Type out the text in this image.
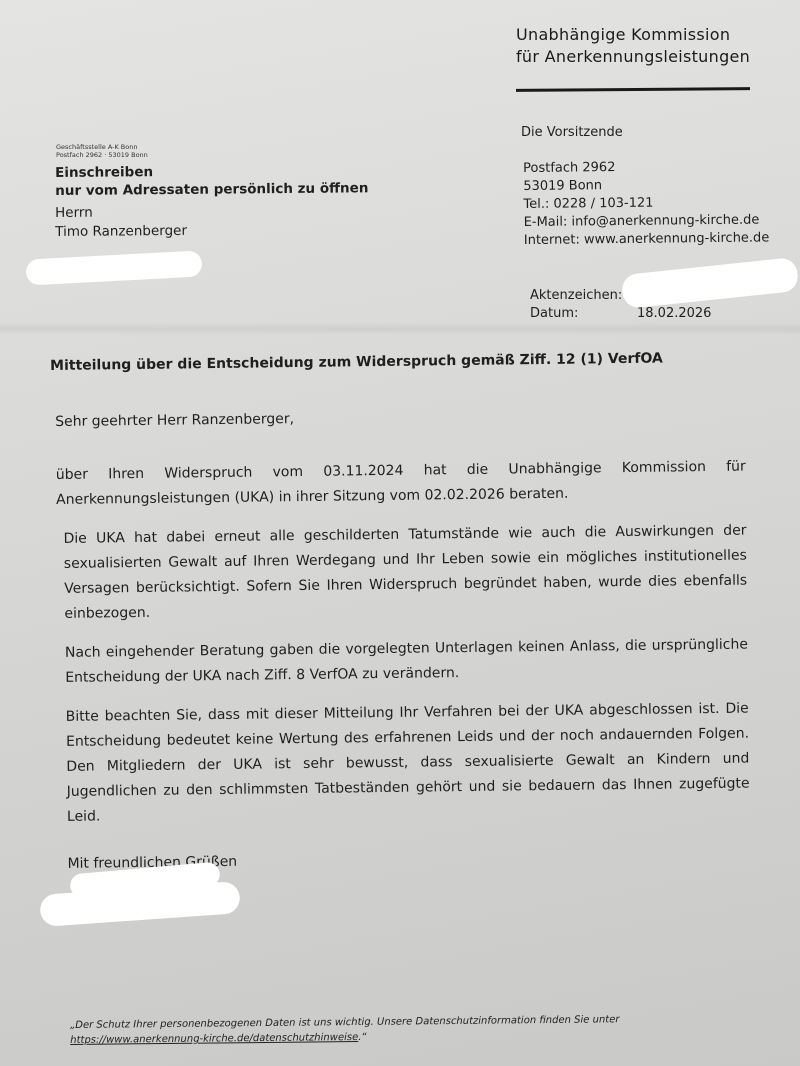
Unabhängige Kommission
für Anerkennungsleistungen
Die Vorsitzende
Postfach 2962
53019 Bonn
Tel.: 0228 / 103-121
E-Mail: info@anerkennung-kirche.de
Internet: www.anerkennung-kirche.de
Aktenzeichen:
Datum:	18.02.2026
Geschäftsstelle A-K Bonn
Postfach 2962 · 53019 Bonn
Einschreiben
nur vom Adressaten persönlich zu öffnen
Herrn
Timo Ranzenberger
Mitteilung über die Entscheidung zum Widerspruch gemäß Ziff. 12 (1) VerfOA

Sehr geehrter Herr Ranzenberger,

über Ihren Widerspruch vom 03.11.2024 hat die Unabhängige Kommission für Anerkennungsleistungen (UKA) in ihrer Sitzung vom 02.02.2026 beraten.

Die UKA hat dabei erneut alle geschilderten Tatumstände wie auch die Auswirkungen der sexualisierten Gewalt auf Ihren Werdegang und Ihr Leben sowie ein mögliches institutionelles Versagen berücksichtigt. Sofern Sie Ihren Widerspruch begründet haben, wurde dies ebenfalls einbezogen.

Nach eingehender Beratung gaben die vorgelegten Unterlagen keinen Anlass, die ursprüngliche Entscheidung der UKA nach Ziff. 8 VerfOA zu verändern.

Bitte beachten Sie, dass mit dieser Mitteilung Ihr Verfahren bei der UKA abgeschlossen ist. Die Entscheidung bedeutet keine Wertung des erfahrenen Leids und der noch andauernden Folgen. Den Mitgliedern der UKA ist sehr bewusst, dass sexualisierte Gewalt an Kindern und Jugendlichen zu den schlimmsten Tatbeständen gehört und sie bedauern das Ihnen zugefügte Leid.

Mit freundlichen Grüßen

„Der Schutz Ihrer personenbezogenen Daten ist uns wichtig. Unsere Datenschutzinformation finden Sie unter
https://www.anerkennung-kirche.de/datenschutzhinweise.“
